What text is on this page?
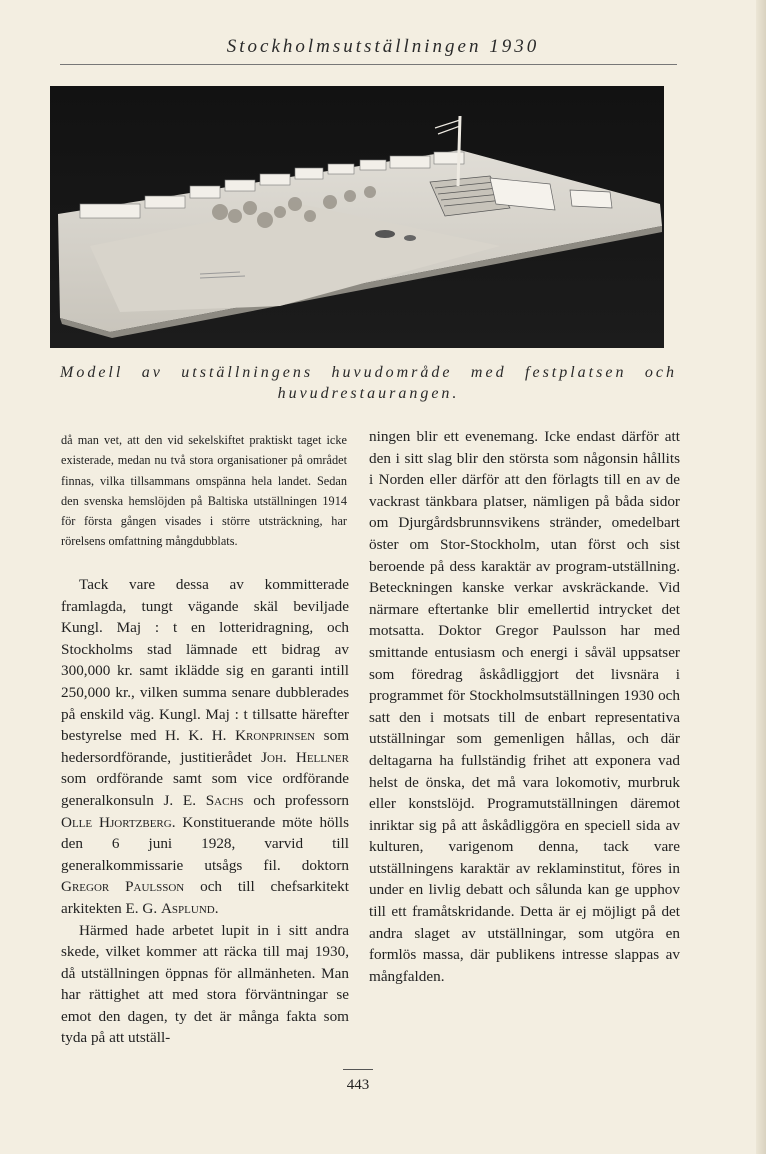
Stockholmsutställningen 1930
Modell av utställningens huvudområde med festplatsen och huvudrestaurangen.

då man vet, att den vid sekelskiftet praktiskt taget icke existerade, medan nu två stora organisationer på området finnas, vilka tillsammans omspänna hela landet. Sedan den svenska hemslöjden på Baltiska utställningen 1914 för första gången visades i större utsträckning, har rörelsens omfattning mångdubblats.

Tack vare dessa av kommitterade framlagda, tungt vägande skäl beviljade Kungl. Maj : t en lotteridragning, och Stockholms stad lämnade ett bidrag av 300,000 kr. samt iklädde sig en garanti intill 250,000 kr., vilken summa senare dubblerades på enskild väg. Kungl. Maj : t tillsatte härefter bestyrelse med H. K. H. Kronprinsen som hedersordförande, justitierådet Joh. Hellner som ordförande samt som vice ordförande generalkonsuln J. E. Sachs och professorn Olle Hjortzberg. Konstituerande möte hölls den 6 juni 1928, varvid till generalkommissarie utsågs fil. doktorn Gregor Paulsson och till chefsarkitekt arkitekten E. G. Asplund.

Härmed hade arbetet lupit in i sitt andra skede, vilket kommer att räcka till maj 1930, då utställningen öppnas för allmänheten. Man har rättighet att med stora förväntningar se emot den dagen, ty det är många fakta som tyda på att utställ-

ningen blir ett evenemang. Icke endast därför att den i sitt slag blir den största som någonsin hållits i Norden eller därför att den förlagts till en av de vackrast tänkbara platser, nämligen på båda sidor om Djurgårdsbrunnsvikens stränder, omedelbart öster om Stor-Stockholm, utan först och sist beroende på dess karaktär av program-utställning. Beteckningen kanske verkar avskräckande. Vid närmare eftertanke blir emellertid intrycket det motsatta. Doktor Gregor Paulsson har med smittande entusiasm och energi i såväl uppsatser som föredrag åskådliggjort det livsnära i programmet för Stockholmsutställningen 1930 och satt den i motsats till de enbart representativa utställningar som gemenligen hållas, och där deltagarna ha fullständig frihet att exponera vad helst de önska, det må vara lokomotiv, murbruk eller konstslöjd. Programutställningen däremot inriktar sig på att åskådliggöra en speciell sida av kulturen, varigenom denna, tack vare utställningens karaktär av reklaminstitut, föres in under en livlig debatt och sålunda kan ge upphov till ett framåtskridande. Detta är ej möjligt på det andra slaget av utställningar, som utgöra en formlös massa, där publikens intresse slappas av mångfalden.

443
